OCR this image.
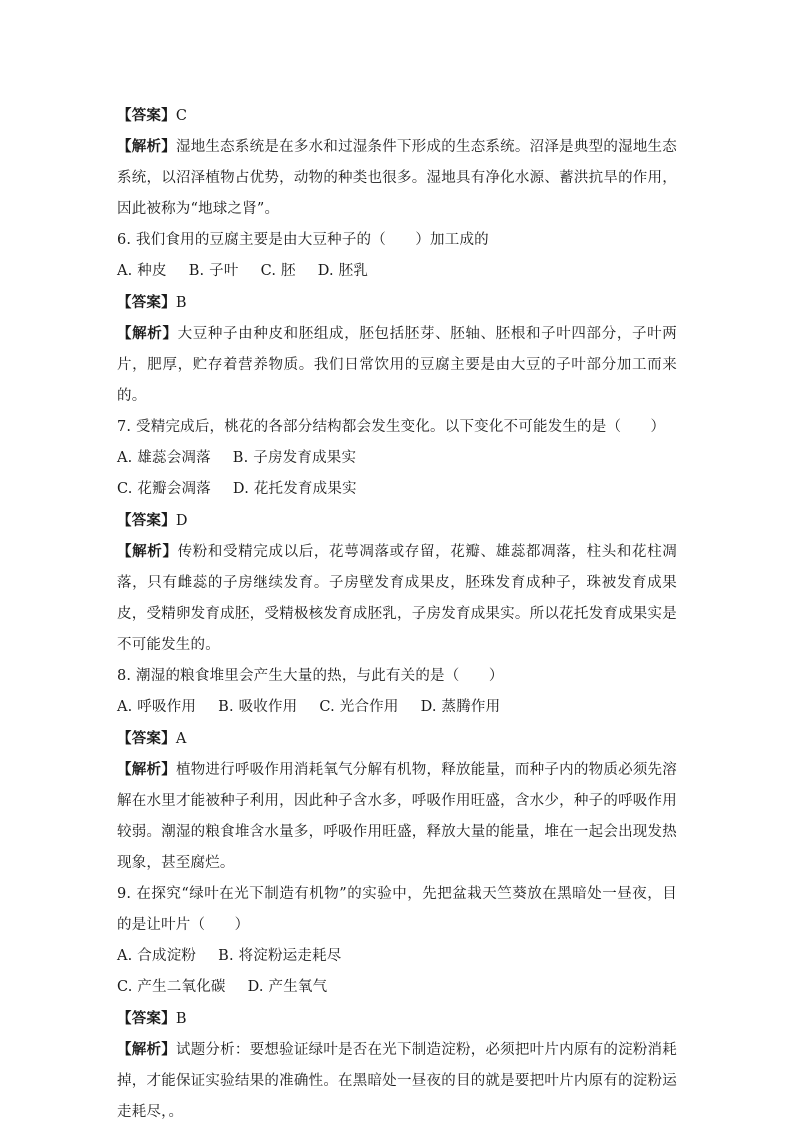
【答案】C
【解析】湿地生态系统是在多水和过湿条件下形成的生态系统。沼泽是典型的湿地生态系统，以沼泽植物占优势，动物的种类也很多。湿地具有净化水源、蓄洪抗旱的作用，因此被称为“地球之肾”。
6. 我们食用的豆腐主要是由大豆种子的（　　）加工成的
A. 种皮 B. 子叶 C. 胚 D. 胚乳
【答案】B
【解析】大豆种子由种皮和胚组成，胚包括胚芽、胚轴、胚根和子叶四部分，子叶两片，肥厚，贮存着营养物质。我们日常饮用的豆腐主要是由大豆的子叶部分加工而来的。
7. 受精完成后，桃花的各部分结构都会发生变化。以下变化不可能发生的是（　　）
A. 雄蕊会凋落 B. 子房发育成果实
C. 花瓣会凋落 D. 花托发育成果实
【答案】D
【解析】传粉和受精完成以后，花萼凋落或存留，花瓣、雄蕊都凋落，柱头和花柱凋落，只有雌蕊的子房继续发育。子房壁发育成果皮，胚珠发育成种子，珠被发育成果皮，受精卵发育成胚，受精极核发育成胚乳，子房发育成果实。所以花托发育成果实是不可能发生的。
8. 潮湿的粮食堆里会产生大量的热，与此有关的是（　　）
A. 呼吸作用 B. 吸收作用 C. 光合作用 D. 蒸腾作用
【答案】A
【解析】植物进行呼吸作用消耗氧气分解有机物，释放能量，而种子内的物质必须先溶解在水里才能被种子利用，因此种子含水多，呼吸作用旺盛，含水少，种子的呼吸作用较弱。潮湿的粮食堆含水量多，呼吸作用旺盛，释放大量的能量，堆在一起会出现发热现象，甚至腐烂。
9. 在探究“绿叶在光下制造有机物”的实验中，先把盆栽天竺葵放在黑暗处一昼夜，目的是让叶片（　　）
A. 合成淀粉 B. 将淀粉运走耗尽
C. 产生二氧化碳 D. 产生氧气
【答案】B
【解析】试题分析：要想验证绿叶是否在光下制造淀粉，必须把叶片内原有的淀粉消耗掉，才能保证实验结果的准确性。在黑暗处一昼夜的目的就是要把叶片内原有的淀粉运走耗尽，。
